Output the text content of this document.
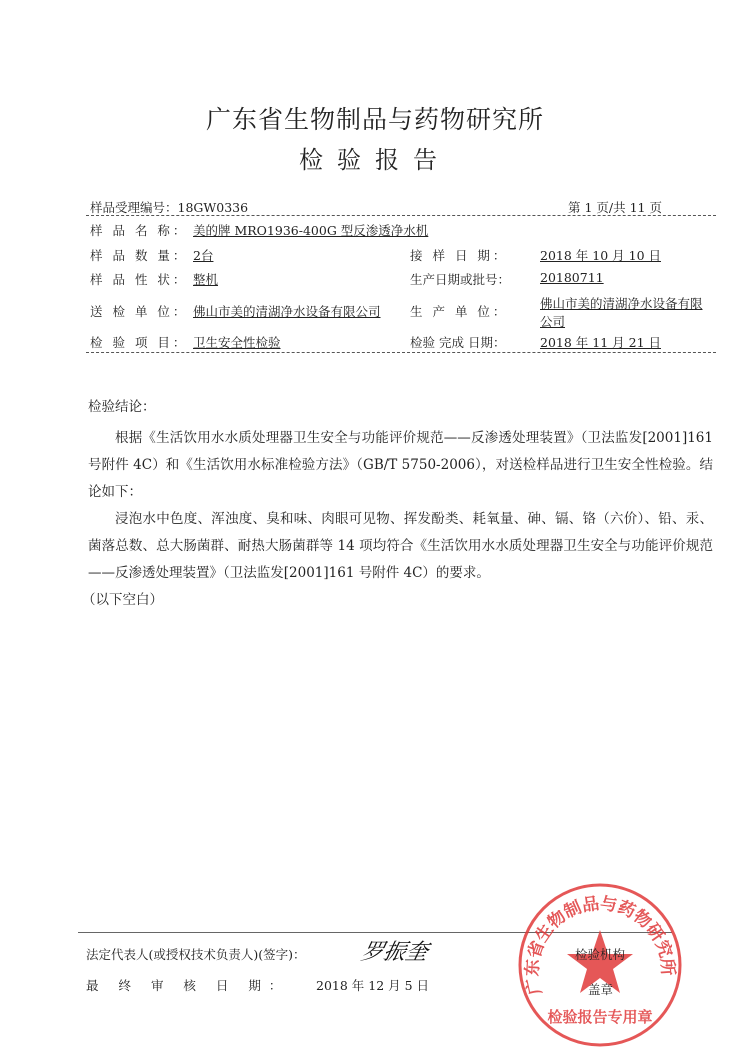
广东省生物制品与药物研究所
检验报告
样品受理编号：18GW0336	第 1 页/共 11 页
样 品 名 称： 美的牌 MRO1936-400G 型反渗透净水机
样 品 数 量： 2台	接 样 日 期：	2018 年 10 月 10 日
样 品 性 状： 整机	生产日期或批号： 20180711
送 检 单 位： 佛山市美的清湖净水设备有限公司 生 产 单 位：
佛山市美的清湖净水设备有限
公司
检 验 项 目： 卫生安全性检验	检验 完成 日期：	2018 年 11 月 21 日
检验结论：

根据《生活饮用水水质处理器卫生安全与功能评价规范——反渗透处理装置》（卫法监发[2001]161 号附件 4C）和《生活饮用水标准检验方法》（GB/T 5750-2006），对送检样品进行卫生安全性检验。结论如下：

浸泡水中色度、浑浊度、臭和味、肉眼可见物、挥发酚类、耗氧量、砷、镉、铬（六价）、铅、汞、菌落总数、总大肠菌群、耐热大肠菌群等 14 项均符合《生活饮用水水质处理器卫生安全与功能评价规范——反渗透处理装置》（卫法监发[2001]161 号附件 4C）的要求。

（以下空白）
法定代表人(或授权技术负责人)(签字)： 罗振奎
最 终 审 核 日 期： 2018 年 12 月 5 日	广东省生物制品与药物研究所
检验报告专用章
检验机构
盖章
